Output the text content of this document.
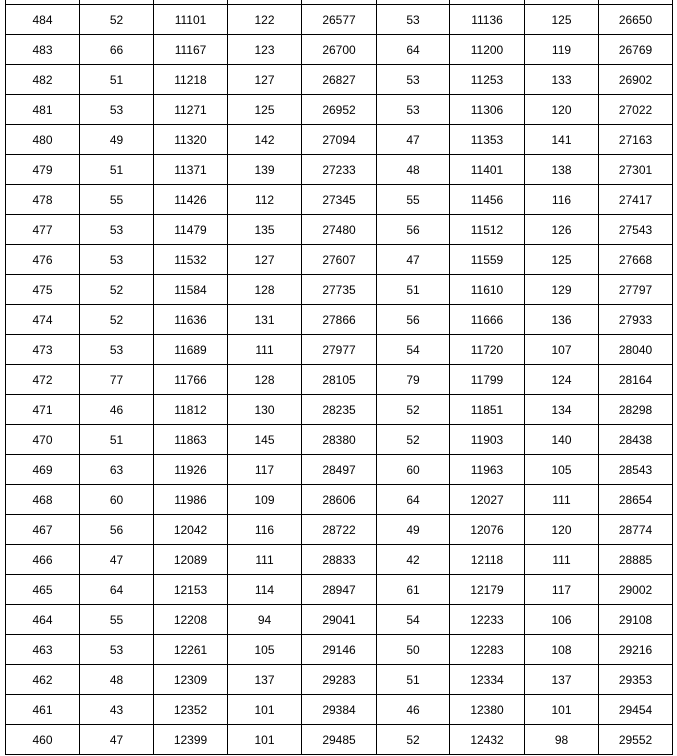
484	52	11101	122	26577	53	11136	125	26650
483	66	11167	123	26700	64	11200	119	26769
482	51	11218	127	26827	53	11253	133	26902
481	53	11271	125	26952	53	11306	120	27022
480	49	11320	142	27094	47	11353	141	27163
479	51	11371	139	27233	48	11401	138	27301
478	55	11426	112	27345	55	11456	116	27417
477	53	11479	135	27480	56	11512	126	27543
476	53	11532	127	27607	47	11559	125	27668
475	52	11584	128	27735	51	11610	129	27797
474	52	11636	131	27866	56	11666	136	27933
473	53	11689	111	27977	54	11720	107	28040
472	77	11766	128	28105	79	11799	124	28164
471	46	11812	130	28235	52	11851	134	28298
470	51	11863	145	28380	52	11903	140	28438
469	63	11926	117	28497	60	11963	105	28543
468	60	11986	109	28606	64	12027	111	28654
467	56	12042	116	28722	49	12076	120	28774
466	47	12089	111	28833	42	12118	111	28885
465	64	12153	114	28947	61	12179	117	29002
464	55	12208	94	29041	54	12233	106	29108
463	53	12261	105	29146	50	12283	108	29216
462	48	12309	137	29283	51	12334	137	29353
461	43	12352	101	29384	46	12380	101	29454
460	47	12399	101	29485	52	12432	98	29552
